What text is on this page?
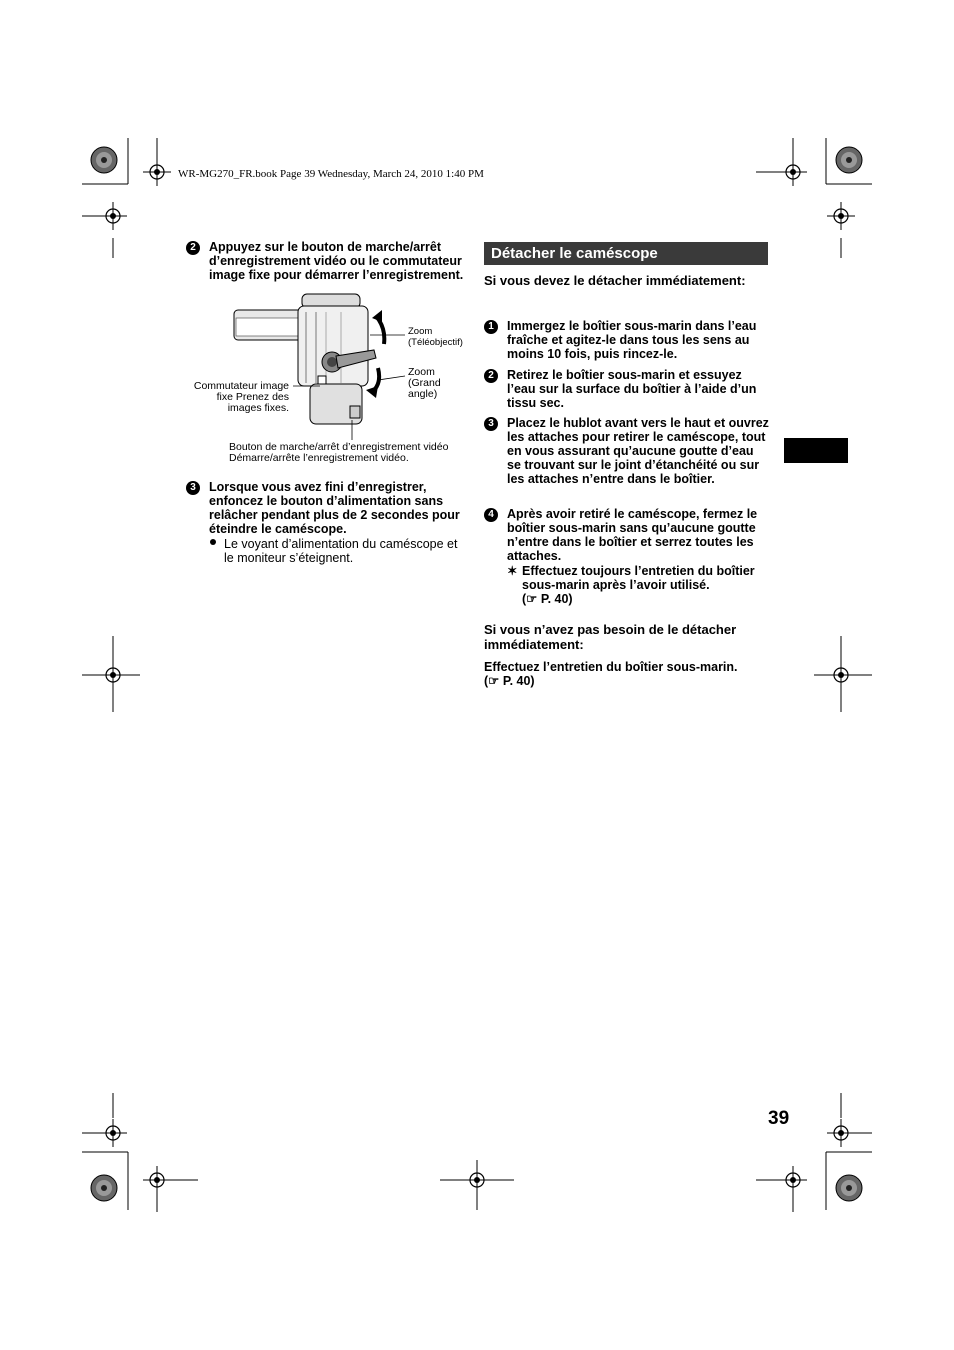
WR-MG270_FR.book Page 39 Wednesday, March 24, 2010 1:40 PM
2	Appuyez sur le bouton de marche/arrêt d’enregistrement vidéo ou le commutateur image fixe pour démarrer l’enregistrement.
Zoom (Téléobjectif)
Zoom (Grand angle)
Commutateur image fixe Prenez des images fixes.
Bouton de marche/arrêt d’enregistrement vidéo
Démarre/arrête l’enregistrement vidéo.
3	Lorsque vous avez fini d’enregistrer, enfoncez le bouton d’alimentation sans relâcher pendant plus de 2 secondes pour éteindre le caméscope.
Le voyant d’alimentation du caméscope et le moniteur s’éteignent.
Détacher le caméscope
Si vous devez le détacher immédiatement:
1	Immergez le boîtier sous-marin dans l’eau fraîche et agitez-le dans tous les sens au moins 10 fois, puis rincez-le.
2	Retirez le boîtier sous-marin et essuyez l’eau sur la surface du boîtier à l’aide d’un tissu sec.
3	Placez le hublot avant vers le haut et ouvrez les attaches pour retirer le caméscope, tout en vous assurant qu’aucune goutte d’eau se trouvant sur le joint d’étanchéité ou sur les attaches n’entre dans le boîtier.
4	Après avoir retiré le caméscope, fermez le boîtier sous-marin sans qu’aucune goutte n’entre dans le boîtier et serrez toutes les attaches.
✶ Effectuez toujours l’entretien du boîtier sous-marin après l’avoir utilisé.
(☞ P. 40)
Si vous n’avez pas besoin de le détacher immédiatement:
Effectuez l’entretien du boîtier sous-marin.
(☞ P. 40)
39
